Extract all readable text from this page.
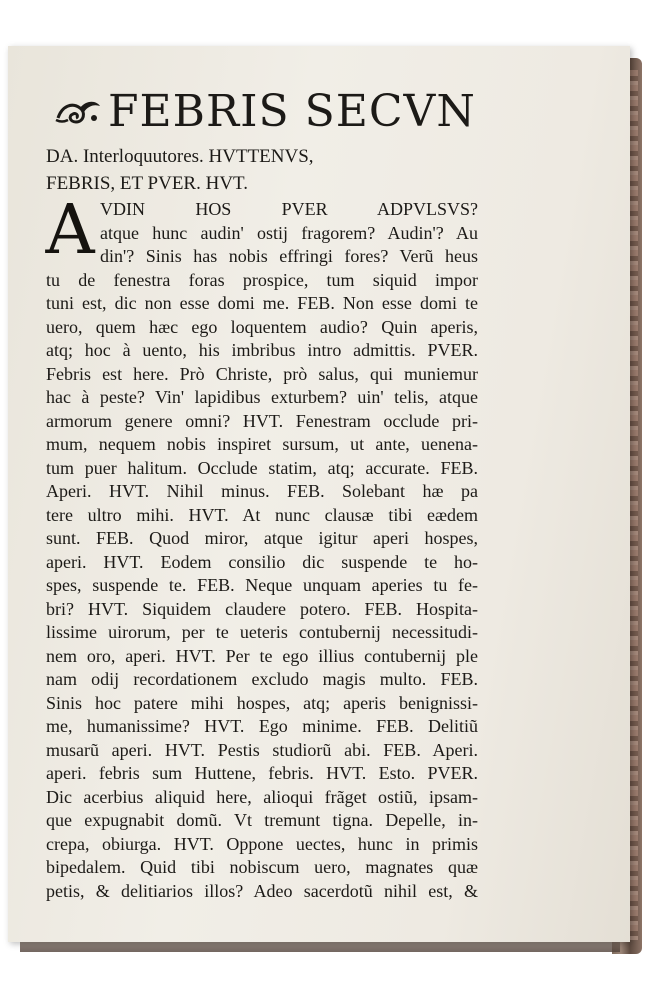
FEBRIS SECVN
DA. Interloquutores. HVTTENVS,
FEBRIS, ET PVER. HVT.
A VDIN HOS PVER ADPVLSVS?
atque hunc audin' ostij fragorem? Audin'? Au
din'? Sinis has nobis effringi fores? Verũ heus
tu de fenestra foras prospice, tum siquid impor
tuni est, dic non esse domi me. FEB. Non esse domi te
uero, quem hæc ego loquentem audio? Quin aperis,
atq; hoc à uento, his imbribus intro admittis. PVER.
Febris est here. Prò Christe, prò salus, qui muniemur
hac à peste? Vin' lapidibus exturbem? uin' telis, atque
armorum genere omni? HVT. Fenestram occlude pri-
mum, nequem nobis inspiret sursum, ut ante, uenena-
tum puer halitum. Occlude statim, atq; accurate. FEB.
Aperi. HVT. Nihil minus. FEB. Solebant hæ pa
tere ultro mihi. HVT. At nunc clausæ tibi eædem
sunt. FEB. Quod miror, atque igitur aperi hospes,
aperi. HVT. Eodem consilio dic suspende te ho-
spes, suspende te. FEB. Neque unquam aperies tu fe-
bri? HVT. Siquidem claudere potero. FEB. Hospita-
lissime uirorum, per te ueteris contubernij necessitudi-
nem oro, aperi. HVT. Per te ego illius contubernij ple
nam odij recordationem excludo magis multo. FEB.
Sinis hoc patere mihi hospes, atq; aperis benignissi-
me, humanissime? HVT. Ego minime. FEB. Delitiũ
musarũ aperi. HVT. Pestis studiorũ abi. FEB. Aperi.
aperi. febris sum Huttene, febris. HVT. Esto. PVER.
Dic acerbius aliquid here, alioqui frãget ostiũ, ipsam-
que expugnabit domũ. Vt tremunt tigna. Depelle, in-
crepa, obiurga. HVT. Oppone uectes, hunc in primis
bipedalem. Quid tibi nobiscum uero, magnates quæ
petis, & delitiarios illos? Adeo sacerdotũ nihil est, &
